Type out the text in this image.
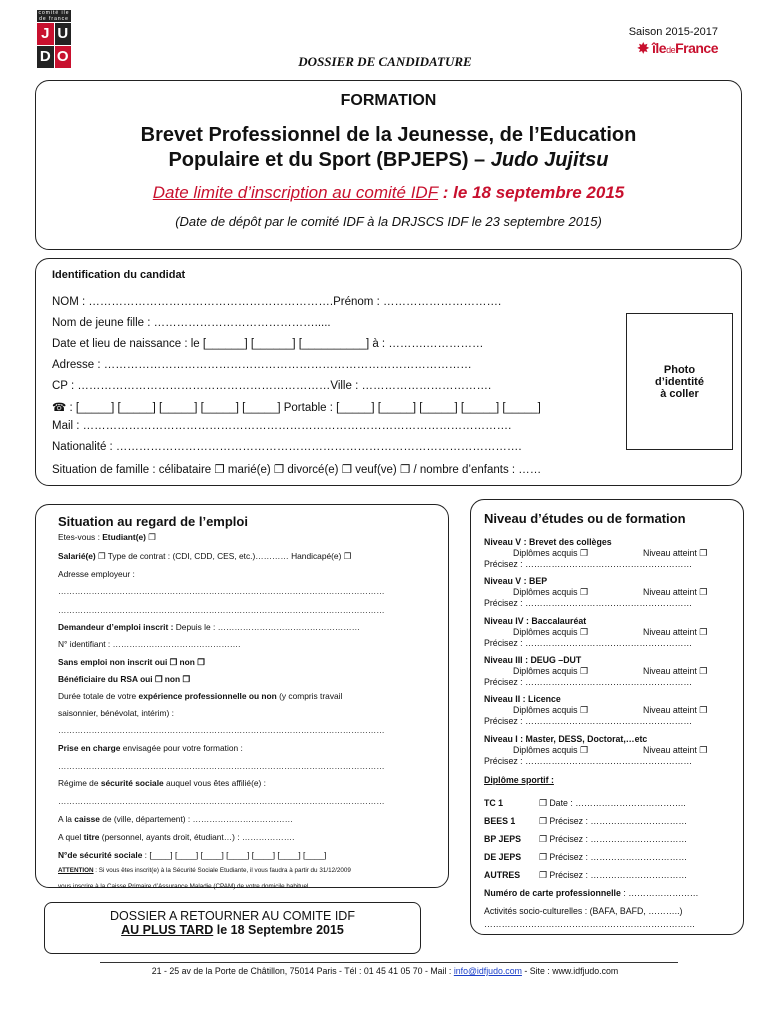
comité ile de france
J U
D O
Saison 2015-2017
✸ îledeFrance
DOSSIER DE CANDIDATURE
FORMATION
Brevet Professionnel de la Jeunesse, de l’Education
Populaire et du Sport (BPJEPS) – Judo Jujitsu
Date limite d’inscription au comité IDF : le 18 septembre 2015
(Date de dépôt par le comité IDF à la DRJSCS IDF le 23 septembre 2015)
Identification du candidat
NOM : ……………………………………………………….Prénom : ………………………….
Nom de jeune fille : …………………………………….....
Date et lieu de naissance : le [______] [______] [__________] à : ……….……………
Adresse : ……………………………………………………………………………………
CP : …………………………………………………………Ville : …………………………….
☎ : [_____] [_____] [_____] [_____] [_____] Portable : [_____] [_____] [_____] [_____] [_____]
Mail : ………………………………………………………………………………………………….
Nationalité : …………………………………………………………………………………………….
Situation de famille : célibataire ❐ marié(e) ❐ divorcé(e) ❐ veuf(ve) ❐ / nombre d’enfants : ……
Photo
d’identité
à coller
Situation au regard de l’emploi
Etes-vous : Etudiant(e) ❐
Salarié(e) ❐ Type de contrat : (CDI, CDD, CES, etc.)………… Handicapé(e) ❐
Adresse employeur :
………………………………………………………………………………………………………
………………………………………………………………………………………………………
Demandeur d’emploi inscrit : Depuis le : ……………………………………………
N° identifiant : ……………………………………….
Sans emploi non inscrit oui ❐ non ❐
Bénéficiaire du RSA oui ❐ non ❐
Durée totale de votre expérience professionnelle ou non (y compris travail
saisonnier, bénévolat, intérim) :
………………………………………………………………………………………………………
Prise en charge envisagée pour votre formation :
………………………………………………………………………………………………………
Régime de sécurité sociale auquel vous êtes affilié(e) :
………………………………………………………………………………………………………
A la caisse de (ville, département) : ………………………………
A quel titre (personnel, ayants droit, étudiant…) : ……………….
N°de sécurité sociale : [____] [____] [____] [____] [____] [____] [____]
ATTENTION : Si vous êtes inscrit(e) à la Sécurité Sociale Etudiante, il vous faudra à partir du 31/12/2009
vous inscrire à la Caisse Primaire d’Assurance Maladie (CPAM) de votre domicile habituel.
Niveau d’études ou de formation
Niveau V : Brevet des collèges
Diplômes acquis ❐	Niveau atteint ❐
Précisez : …………………………………………………
Niveau V : BEP
Diplômes acquis ❐	Niveau atteint ❐
Précisez : …………………………………………………
Niveau IV : Baccalauréat
Diplômes acquis ❐	Niveau atteint ❐
Précisez : …………………………………………………
Niveau III : DEUG –DUT
Diplômes acquis ❐	Niveau atteint ❐
Précisez : …………………………………………………
Niveau II : Licence
Diplômes acquis ❐	Niveau atteint ❐
Précisez : …………………………………………………
Niveau I : Master, DESS, Doctorat,…etc
Diplômes acquis ❐	Niveau atteint ❐
Précisez : …………………………………………………
Diplôme sportif :
TC 1	❐ Date : ………………………………..
BEES 1	❐ Précisez : ……………………………
BP JEPS ❐ Précisez : ……………………………
DE JEPS ❐ Précisez : ……………………………
AUTRES ❐ Précisez : ……………………………
Numéro de carte professionnelle : ……………………
Activités socio-culturelles : (BAFA, BAFD, ………..)
………………………………………………………………
DOSSIER A RETOURNER AU COMITE IDF
AU PLUS TARD le 18 Septembre 2015
21 - 25 av de la Porte de Châtillon, 75014 Paris - Tél : 01 45 41 05 70 - Mail : info@idfjudo.com - Site : www.idfjudo.com
